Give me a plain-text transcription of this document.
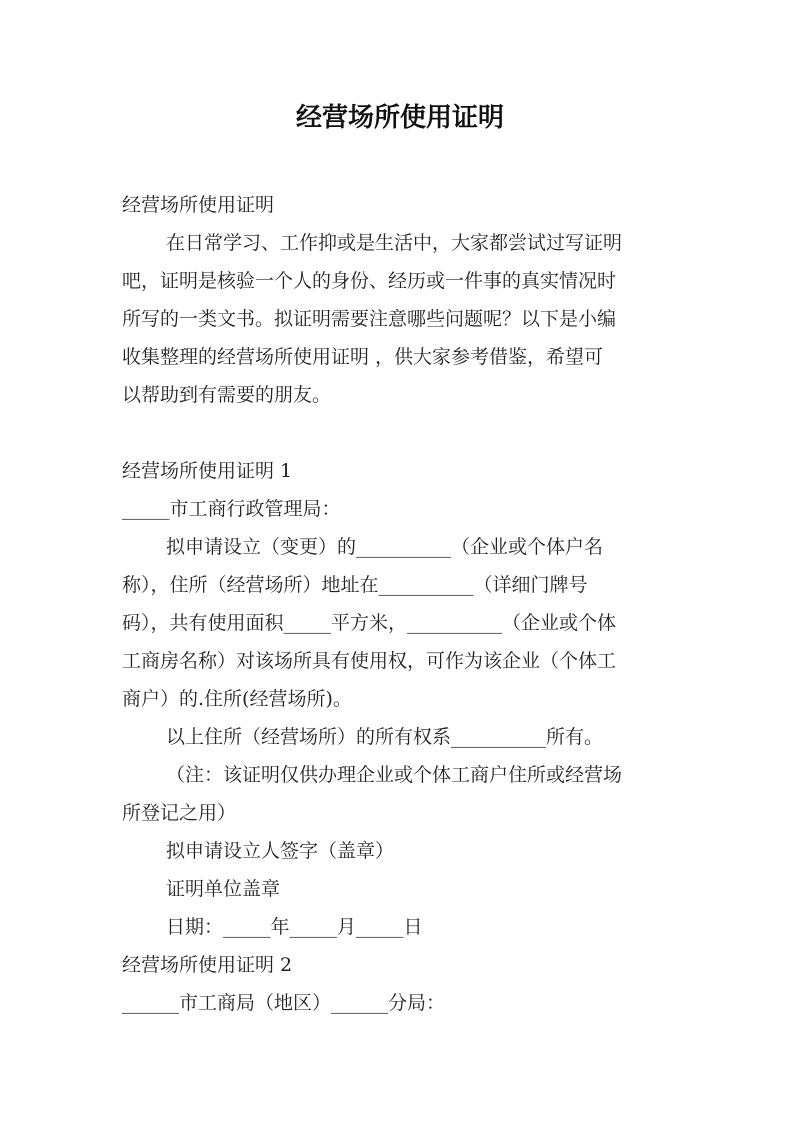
经营场所使用证明
经营场所使用证明
在日常学习、工作抑或是生活中，大家都尝试过写证明
吧，证明是核验一个人的身份、经历或一件事的真实情况时
所写的一类文书。拟证明需要注意哪些问题呢？以下是小编
收集整理的经营场所使用证明 ，供大家参考借鉴，希望可
以帮助到有需要的朋友。
经营场所使用证明 1
_____市工商行政管理局：
拟申请设立（变更）的__________（企业或个体户名
称），住所（经营场所）地址在__________（详细门牌号
码），共有使用面积_____平方米，__________（企业或个体
工商房名称）对该场所具有使用权，可作为该企业（个体工
商户）的.住所(经营场所)。
以上住所（经营场所）的所有权系__________所有。
（注：该证明仅供办理企业或个体工商户住所或经营场
所登记之用）
拟申请设立人签字（盖章）
证明单位盖章
日期：_____年_____月_____日
经营场所使用证明 2
______市工商局（地区）______分局：
